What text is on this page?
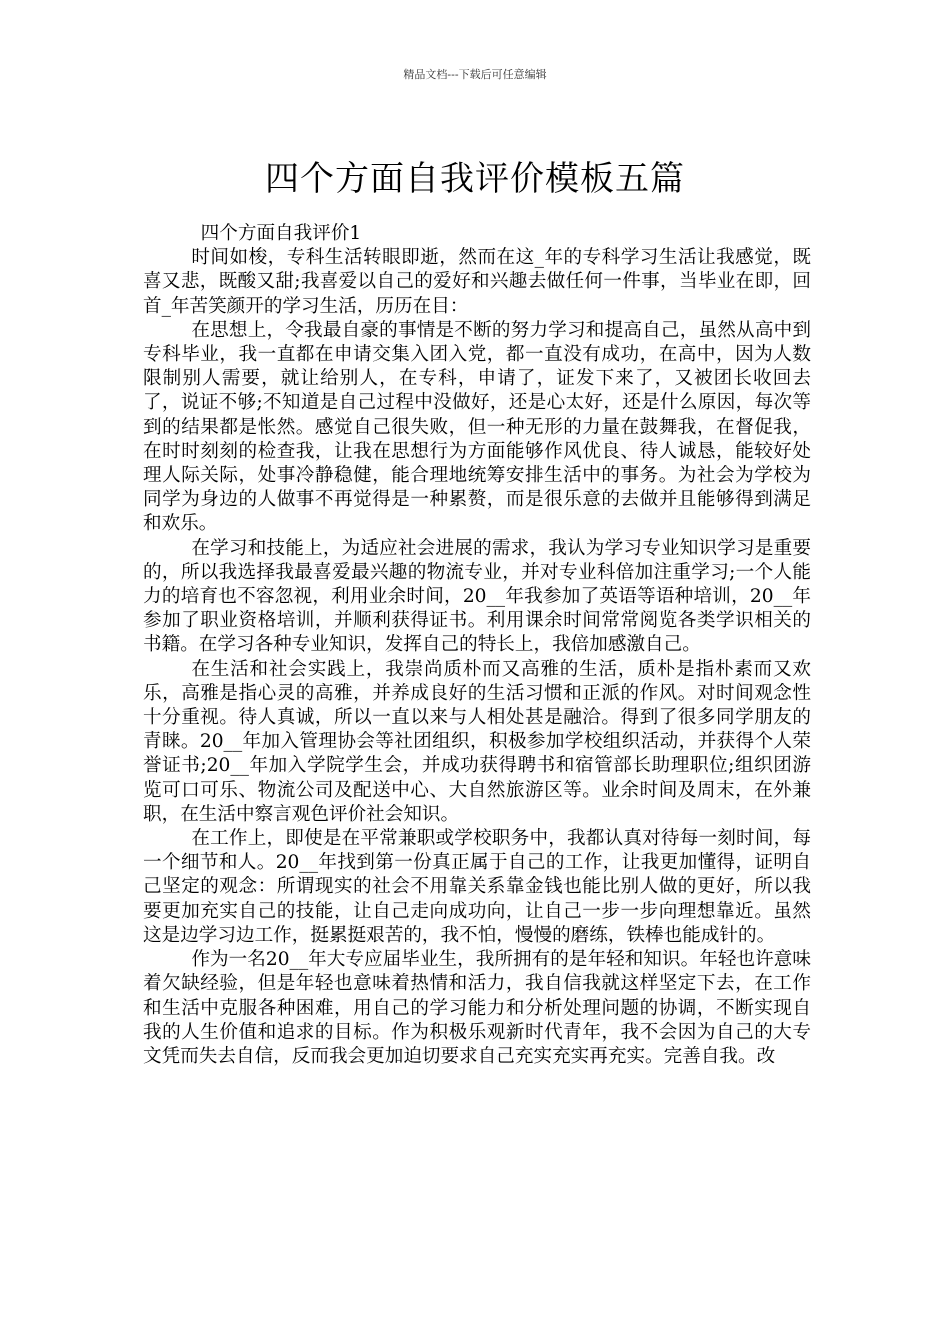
精品文档---下载后可任意编辑
四个方面自我评价模板五篇

四个方面自我评价1

时间如梭，专科生活转眼即逝，然而在这_年的专科学习生活让我感觉，既喜又悲，既酸又甜;我喜爱以自己的爱好和兴趣去做任何一件事，当毕业在即，回首_年苦笑颜开的学习生活，历历在目：

在思想上，令我最自豪的事情是不断的努力学习和提高自己，虽然从高中到专科毕业，我一直都在申请交集入团入党，都一直没有成功，在高中，因为人数限制别人需要，就让给别人，在专科，申请了，证发下来了，又被团长收回去了，说证不够;不知道是自己过程中没做好，还是心太好，还是什么原因，每次等到的结果都是怅然。感觉自己很失败，但一种无形的力量在鼓舞我，在督促我，在时时刻刻的检查我，让我在思想行为方面能够作风优良、待人诚恳，能较好处理人际关际，处事冷静稳健，能合理地统筹安排生活中的事务。为社会为学校为同学为身边的人做事不再觉得是一种累赘，而是很乐意的去做并且能够得到满足和欢乐。

在学习和技能上，为适应社会进展的需求，我认为学习专业知识学习是重要的，所以我选择我最喜爱最兴趣的物流专业，并对专业科倍加注重学习;一个人能力的培育也不容忽视，利用业余时间，20__年我参加了英语等语种培训，20__年参加了职业资格培训，并顺利获得证书。利用课余时间常常阅览各类学识相关的书籍。在学习各种专业知识，发挥自己的特长上，我倍加感激自己。

在生活和社会实践上，我崇尚质朴而又高雅的生活，质朴是指朴素而又欢乐，高雅是指心灵的高雅，并养成良好的生活习惯和正派的作风。对时间观念性十分重视。待人真诚，所以一直以来与人相处甚是融洽。得到了很多同学朋友的青睐。20__年加入管理协会等社团组织，积极参加学校组织活动，并获得个人荣誉证书;20__年加入学院学生会，并成功获得聘书和宿管部长助理职位;组织团游览可口可乐、物流公司及配送中心、大自然旅游区等。业余时间及周末，在外兼职，在生活中察言观色评价社会知识。

在工作上，即使是在平常兼职或学校职务中，我都认真对待每一刻时间，每一个细节和人。20__年找到第一份真正属于自己的工作，让我更加懂得，证明自己坚定的观念：所谓现实的社会不用靠关系靠金钱也能比别人做的更好，所以我要更加充实自己的技能，让自己走向成功向，让自己一步一步向理想靠近。虽然这是边学习边工作，挺累挺艰苦的，我不怕，慢慢的磨练，铁棒也能成针的。

作为一名20__年大专应届毕业生，我所拥有的是年轻和知识。年轻也许意味着欠缺经验，但是年轻也意味着热情和活力，我自信我就这样坚定下去，在工作和生活中克服各种困难，用自己的学习能力和分析处理问题的协调，不断实现自我的人生价值和追求的目标。作为积极乐观新时代青年，我不会因为自己的大专文凭而失去自信，反而我会更加迫切要求自己充实充实再充实。完善自我。改
